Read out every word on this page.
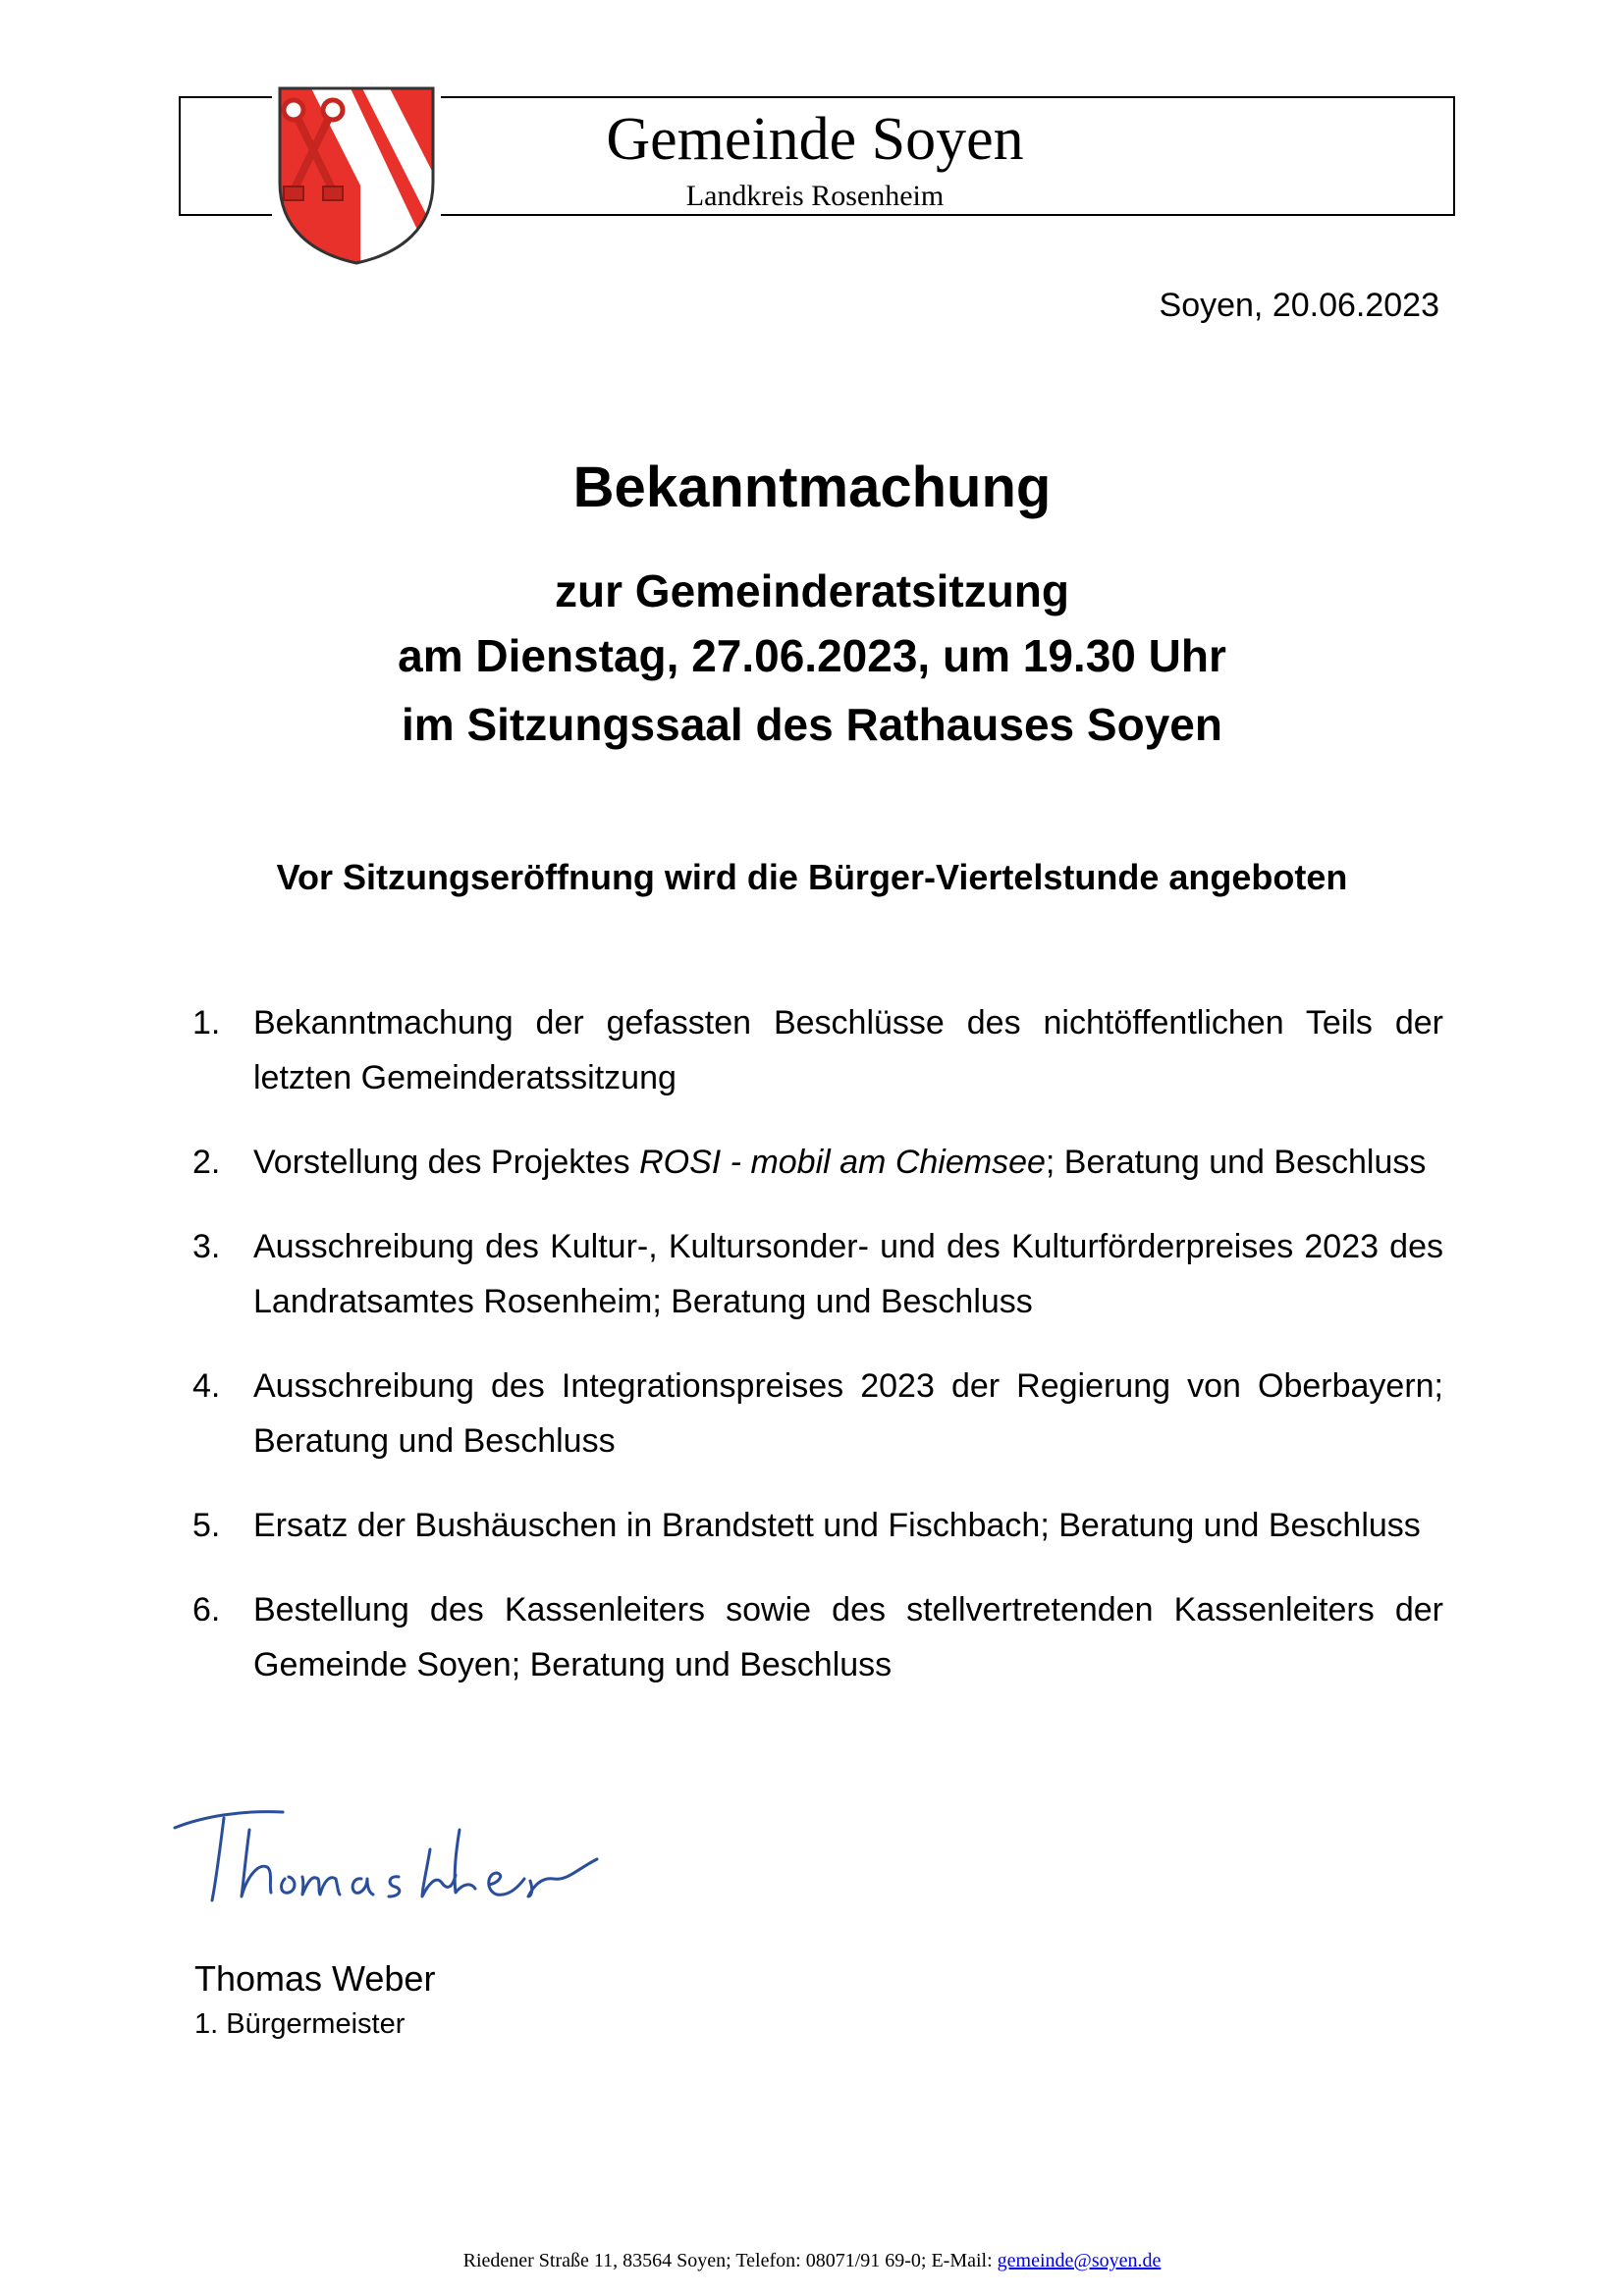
Gemeinde Soyen
Landkreis Rosenheim
Soyen, 20.06.2023
Bekanntmachung
zur Gemeinderatsitzung
am Dienstag, 27.06.2023, um 19.30 Uhr
im Sitzungssaal des Rathauses Soyen
Vor Sitzungseröffnung wird die Bürger-Viertelstunde angeboten
1. Bekanntmachung der gefassten Beschlüsse des nichtöffentlichen Teils der letzten Gemeinderatssitzung
2. Vorstellung des Projektes ROSI - mobil am Chiemsee; Beratung und Beschluss
3. Ausschreibung des Kultur-, Kultursonder- und des Kulturförderpreises 2023 des Landratsamtes Rosenheim; Beratung und Beschluss
4. Ausschreibung des Integrationspreises 2023 der Regierung von Oberbayern; Beratung und Beschluss
5. Ersatz der Bushäuschen in Brandstett und Fischbach; Beratung und Beschluss
6. Bestellung des Kassenleiters sowie des stellvertretenden Kassenleiters der Gemeinde Soyen; Beratung und Beschluss
Thomas Weber
1. Bürgermeister
Riedener Straße 11, 83564 Soyen; Telefon: 08071/91 69-0; E-Mail: gemeinde@soyen.de
